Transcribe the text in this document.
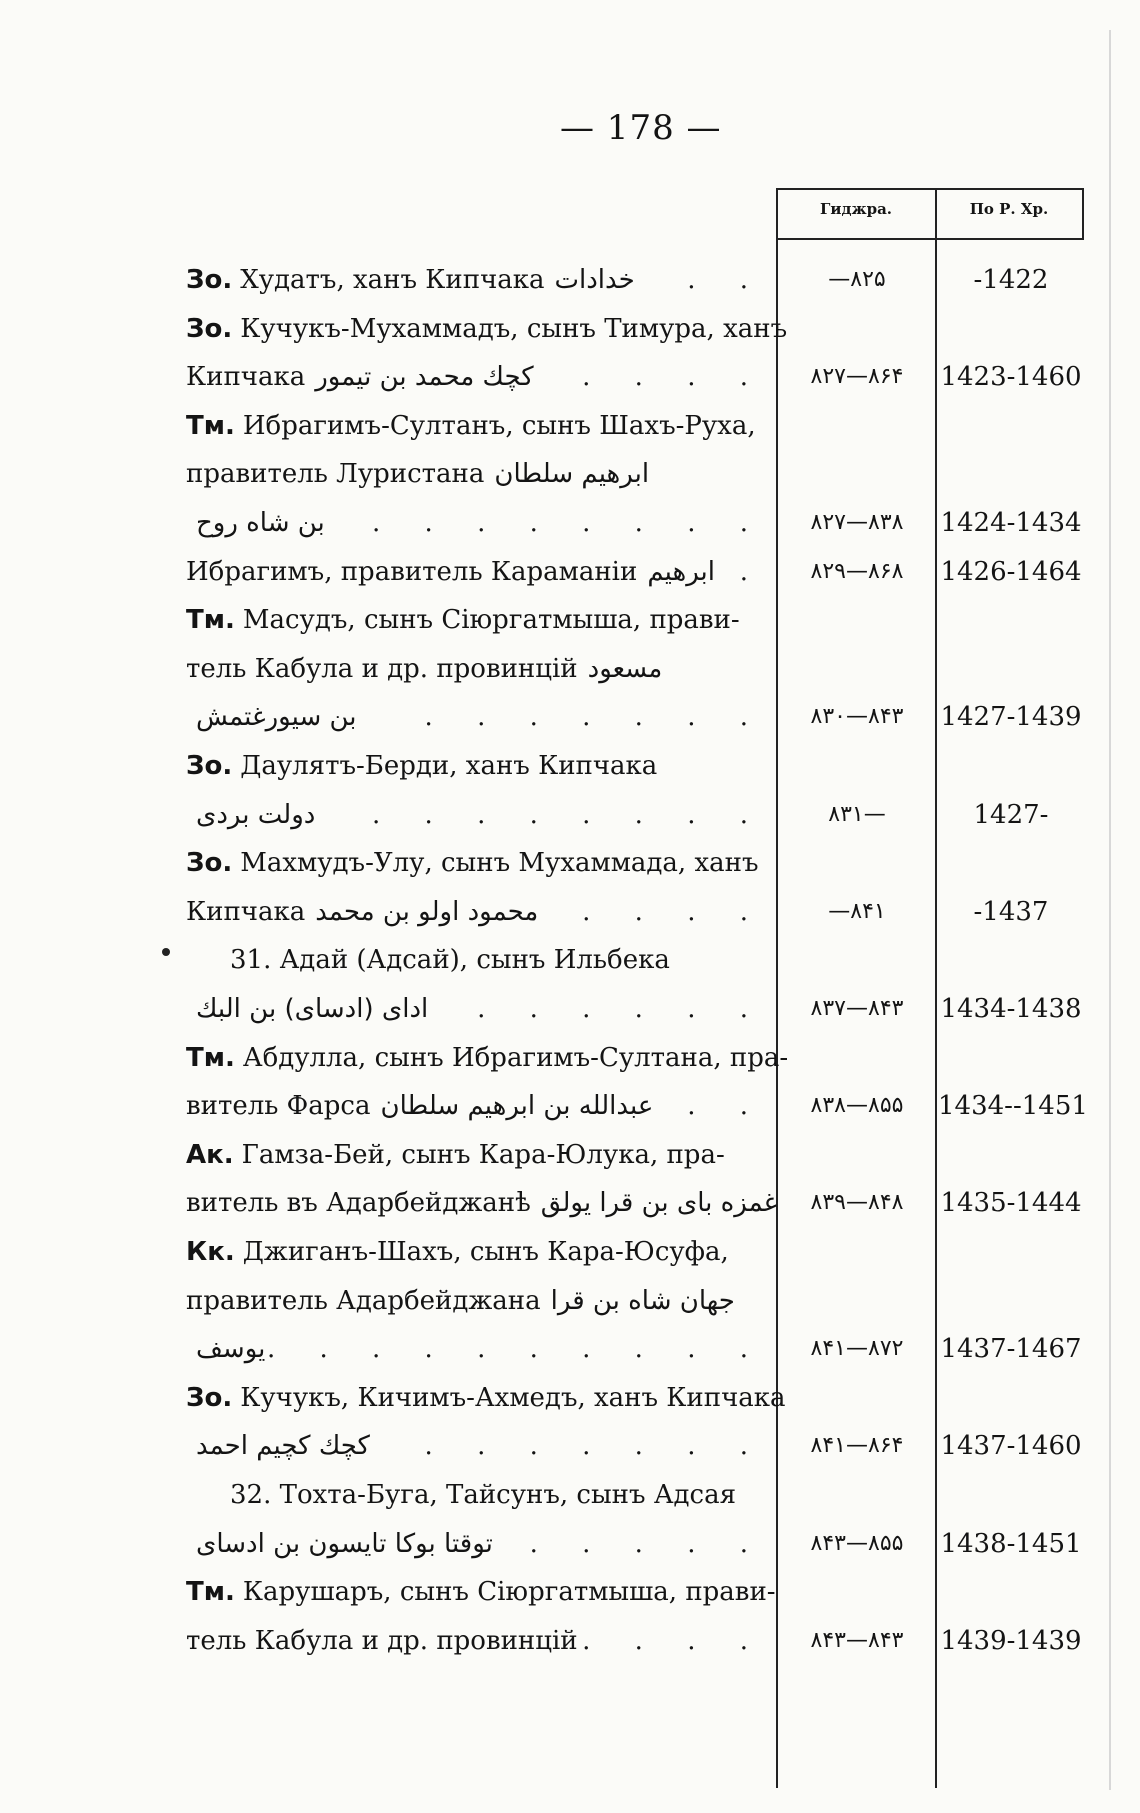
— 178 —
Гиджра.	По Р. Хр.
Зо. Худатъ, ханъ Кипчака خدادات . .	—۸۲۵	-1422
Зо. Кучукъ-Мухаммадъ, сынъ Тимура, ханъ
Кипчака کچك محمد بن تیمور . . . .	۸۲۷—۸۶۴	1423-1460
Тм. Ибрагимъ-Султанъ, сынъ Шахъ-Руха,
правитель Луристана ابرهیم سلطان
بن شاه روح . . . . . . . .	۸۲۷—۸۳۸	1424-1434
Ибрагимъ, правитель Караманіи ابرهیم .	۸۲۹—۸۶۸	1426-1464
Тм. Масудъ, сынъ Сіюргатмыша, прави-
тель Кабула и др. провинцій مسعود
بن سیورغتمش	. . . . . . .	۸۳۰—۸۴۳	1427-1439
Зо. Даулятъ-Берди, ханъ Кипчака
دولت بردی . . . . . . . .	۸۳۱—	1427-
Зо. Махмудъ-Улу, сынъ Мухаммада, ханъ
Кипчака محمود اولو بن محمد
. . . . .	—۸۴۱	-1437
31. Адай (Адсай), сынъ Ильбека
ادای (ادسای) بن البك . . . . . .	۸۳۷—۸۴۳	1434-1438
Тм. Абдулла, сынъ Ибрагимъ-Султана, пра-
витель Фарса عبدالله بن ابرهیم سلطان . .	۸۳۸—۸۵۵	1434--1451
Ак. Гамза-Бей, сынъ Кара-Юлука, пра-
витель въ Адарбейджанѣ غمزه بای بن قرا یولق	۸۳۹—۸۴۸	1435-1444
Кк. Джиганъ-Шахъ, сынъ Кара-Юсуфа,
правитель Адарбейджана جهان شاه بن قرا
یوسف . . . . . . . . . .	۸۴۱—۸۷۲	1437-1467
Зо. Кучукъ, Кичимъ-Ахмедъ, ханъ Кипчака
کچك کچیم احمد . . . . . . .	۸۴۱—۸۶۴	1437-1460
32. Тохта-Буга, Тайсунъ, сынъ Адсая
توقتا بوکا تایسون بن ادسای . . . . .	۸۴۳—۸۵۵	1438-1451
Тм. Карушаръ, сынъ Сіюргатмыша, прави-
тель Кабула и др. провинцій . . . .	۸۴۳—۸۴۳	1439-1439
